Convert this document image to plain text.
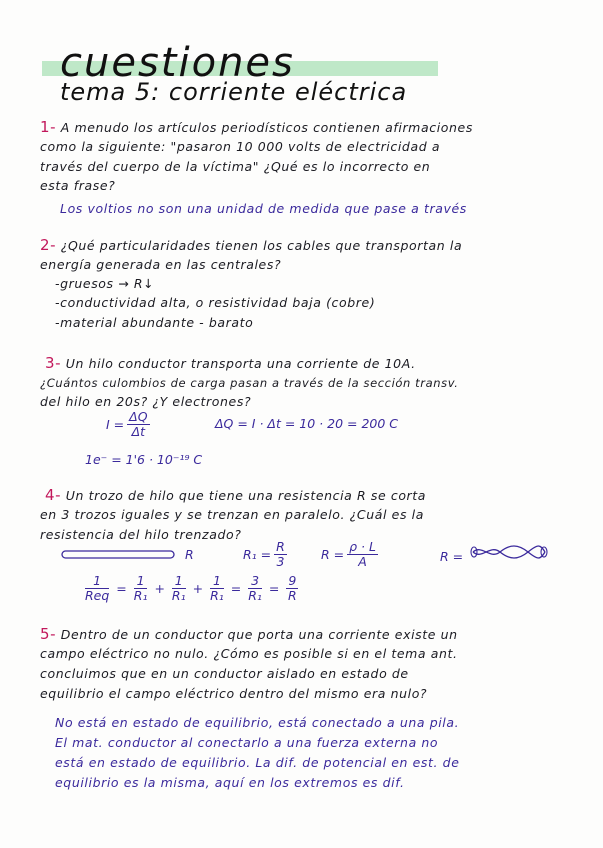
cuestiones
tema 5: corriente eléctrica
1- A menudo los artículos periodísticos contienen afirmaciones
como la siguiente: "pasaron 10 000 volts de electricidad a
través del cuerpo de la víctima" ¿Qué es lo incorrecto en
esta frase?
Los voltios no son una unidad de medida que pase a través
2- ¿Qué particularidades tienen los cables que transportan la
energía generada en las centrales?
-gruesos → R↓
-conductividad alta, o resistividad baja (cobre)
-material abundante - barato
3- Un hilo conductor transporta una corriente de 10A.
¿Cuántos culombios de carga pasan a través de la sección transv.
del hilo en 20s? ¿Y electrones?
$I = \frac{\Delta Q}{\Delta t}$	ΔQ = I · Δt = 10 · 20 = 200 C
1e⁻ = 1'6 · 10⁻¹⁹ C
4- Un trozo de hilo que tiene una resistencia R se corta
en 3 trozos iguales y se trenzan en paralelo. ¿Cuál es la
resistencia del hilo trenzado?
R	$R_1 = \frac{R}{3}$	$R = \frac{\rho \cdot L}{A}$	R =
$\frac{1}{\text{Req}} = \frac{1}{\text{R₁}} + \frac{1}{\text{R₁}} + \frac{1}{\text{R₁}} = \frac{3}{\text{R₁}} = \frac{9}{R}$
5- Dentro de un conductor que porta una corriente existe un
campo eléctrico no nulo. ¿Cómo es posible si en el tema ant.
concluimos que en un conductor aislado en estado de
equilibrio el campo eléctrico dentro del mismo era nulo?
No está en estado de equilibrio, está conectado a una pila.
El mat. conductor al conectarlo a una fuerza externa no
está en estado de equilibrio. La dif. de potencial en est. de
equilibrio es la misma, aquí en los extremos es dif.
